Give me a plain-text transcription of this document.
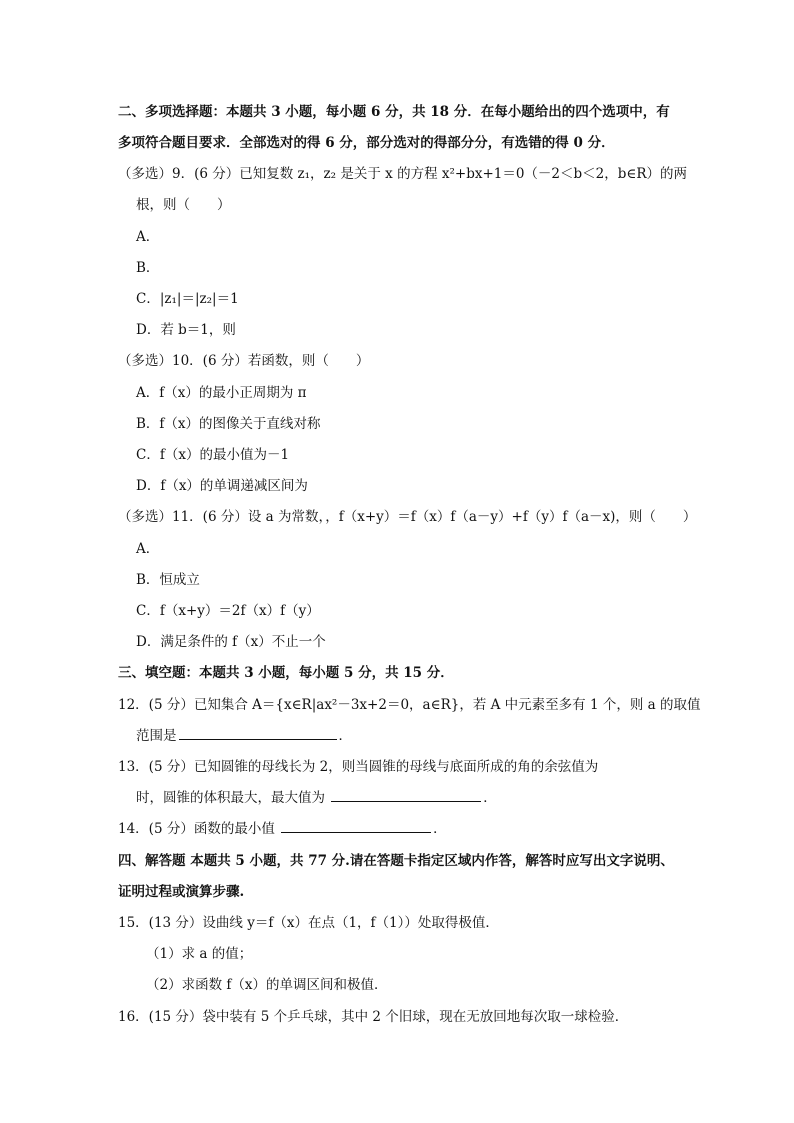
二、多项选择题：本题共 3 小题，每小题 6 分，共 18 分．在每小题给出的四个选项中，有
多项符合题目要求．全部选对的得 6 分，部分选对的得部分分，有选错的得 0 分．
（多选）9．(6 分）已知复数 z₁，z₂ 是关于 x 的方程 x²+bx+1＝0（－2＜b＜2，b∈R）的两
根，则（　　）
A．
B．
C．|z₁|＝|z₂|＝1
D．若 b＝1，则
（多选）10．(6 分）若函数，则（　　）
A．f（x）的最小正周期为 π
B．f（x）的图像关于直线对称
C．f（x）的最小值为－1
D．f（x）的单调递减区间为
（多选）11．(6 分）设 a 为常数，，f（x+y）＝f（x）f（a－y）+f（y）f（a－x)，则（　　）
A．
B．恒成立
C．f（x+y）＝2f（x）f（y）
D．满足条件的 f（x）不止一个
三、填空题：本题共 3 小题，每小题 5 分，共 15 分．
12．(5 分）已知集合 A＝{x∈R|ax²－3x+2＝0，a∈R}，若 A 中元素至多有 1 个，则 a 的取值
范围是	．
13．(5 分）已知圆锥的母线长为 2，则当圆锥的母线与底面所成的角的余弦值为
时，圆锥的体积最大，最大值为	．
14．(5 分）函数的最小值	．
四、解答题 本题共 5 小题，共 77 分.请在答题卡指定区域内作答，解答时应写出文字说明、
证明过程或演算步骤.
15．(13 分）设曲线 y＝f（x）在点（1，f（1））处取得极值．
（1）求 a 的值；
（2）求函数 f（x）的单调区间和极值．
16．(15 分）袋中装有 5 个乒乓球，其中 2 个旧球，现在无放回地每次取一球检验．
